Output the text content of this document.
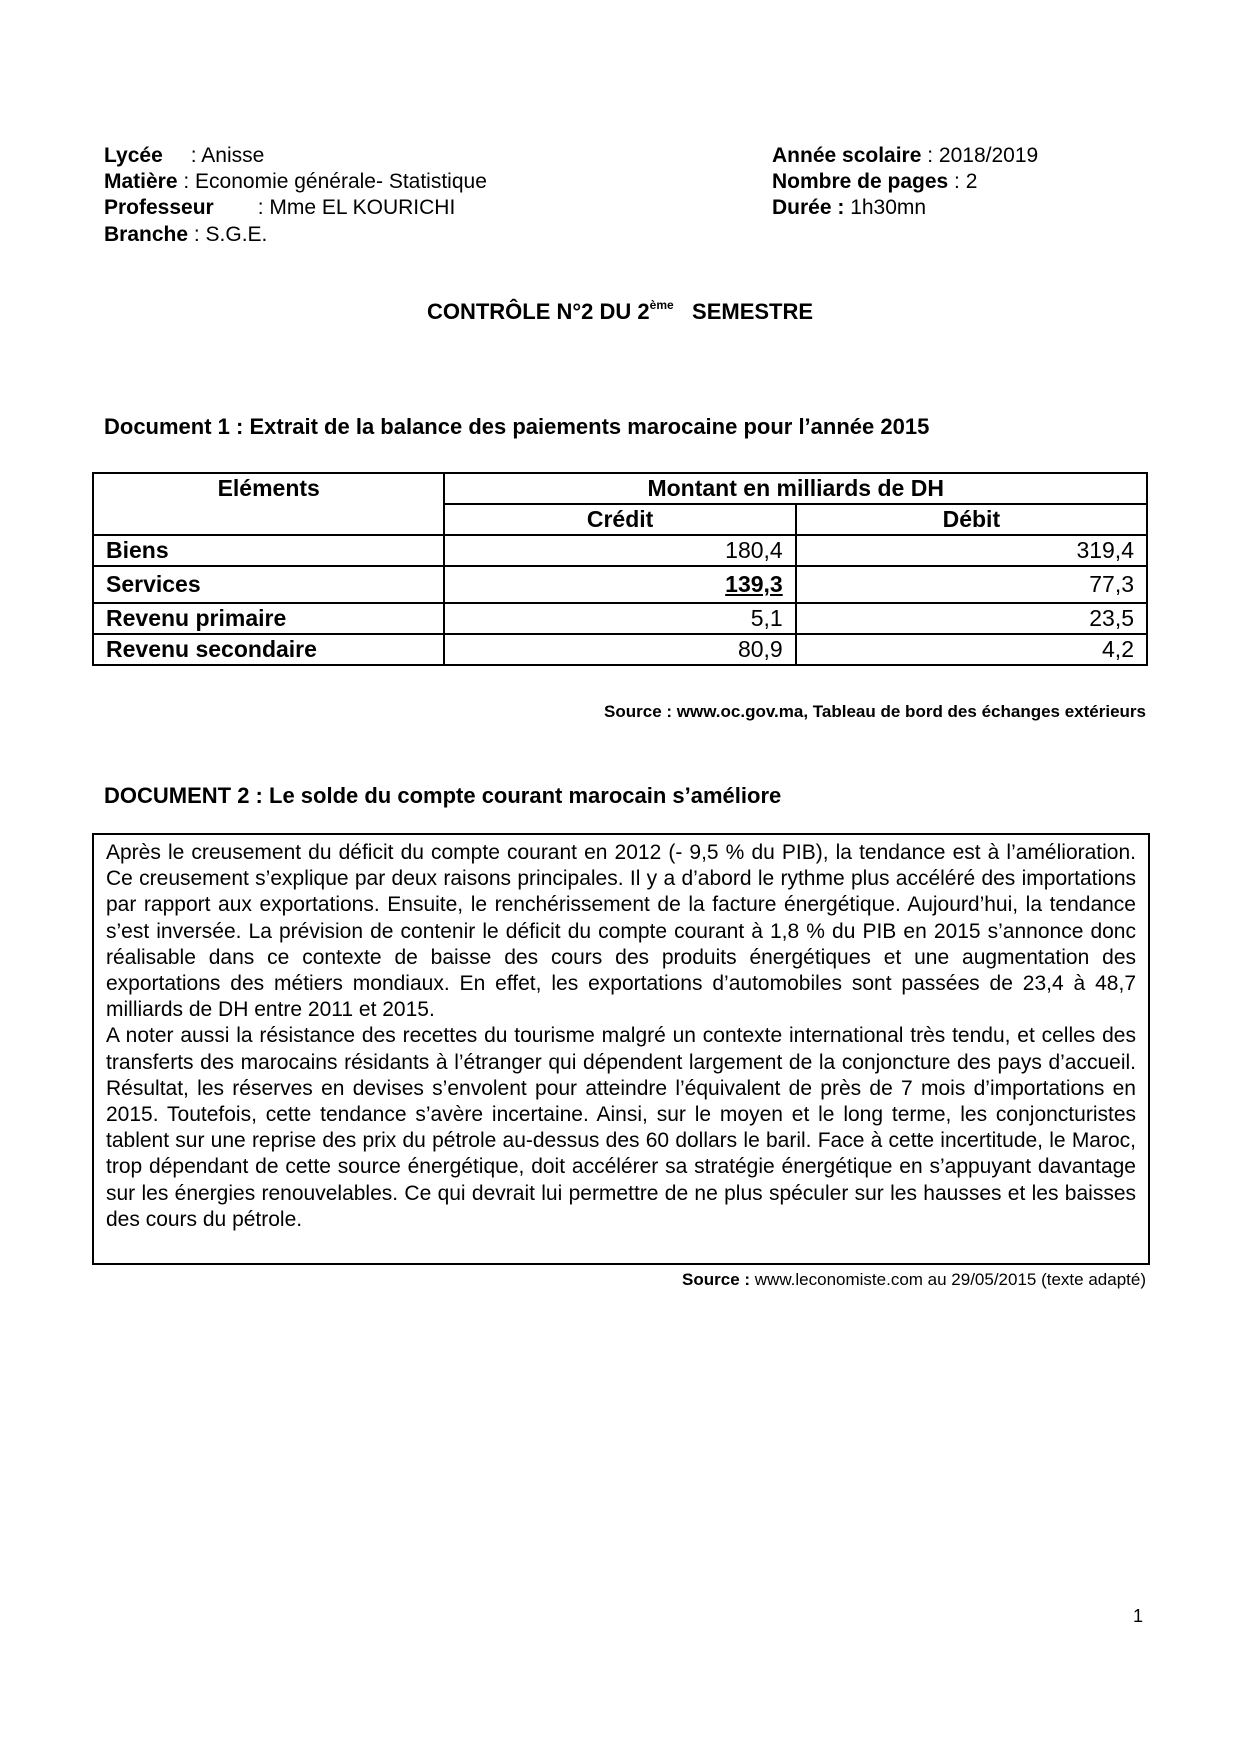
Lycée : Anisse
Matière : Economie générale- Statistique
Professeur : Mme EL KOURICHI
Branche : S.G.E.
Année scolaire : 2018/2019
Nombre de pages : 2
Durée : 1h30mn
CONTRÔLE N°2 DU 2ème SEMESTRE
Document 1 : Extrait de la balance des paiements marocaine pour l’année 2015
Eléments	Montant en milliards de DH	
	Crédit	Débit
Biens	180,4	319,4
Services	139,3	77,3
Revenu primaire	5,1	23,5
Revenu secondaire	80,9	4,2
Source : www.oc.gov.ma, Tableau de bord des échanges extérieurs
DOCUMENT 2 : Le solde du compte courant marocain s’améliore

Après le creusement du déficit du compte courant en 2012 (- 9,5 % du PIB), la tendance est à l’amélioration. Ce creusement s’explique par deux raisons principales. Il y a d’abord le rythme plus accéléré des importations par rapport aux exportations. Ensuite, le renchérissement de la facture énergétique. Aujourd’hui, la tendance s’est inversée. La prévision de contenir le déficit du compte courant à 1,8 % du PIB en 2015 s’annonce donc réalisable dans ce contexte de baisse des cours des produits énergétiques et une augmentation des exportations des métiers mondiaux. En effet, les exportations d’automobiles sont passées de 23,4 à 48,7 milliards de DH entre 2011 et 2015.

A noter aussi la résistance des recettes du tourisme malgré un contexte international très tendu, et celles des transferts des marocains résidants à l’étranger qui dépendent largement de la conjoncture des pays d’accueil. Résultat, les réserves en devises s’envolent pour atteindre l’équivalent de près de 7 mois d’importations en 2015. Toutefois, cette tendance s’avère incertaine. Ainsi, sur le moyen et le long terme, les conjoncturistes tablent sur une reprise des prix du pétrole au-dessus des 60 dollars le baril. Face à cette incertitude, le Maroc, trop dépendant de cette source énergétique, doit accélérer sa stratégie énergétique en s’appuyant davantage sur les énergies renouvelables. Ce qui devrait lui permettre de ne plus spéculer sur les hausses et les baisses des cours du pétrole.

Source : www.leconomiste.com au 29/05/2015 (texte adapté)
1
